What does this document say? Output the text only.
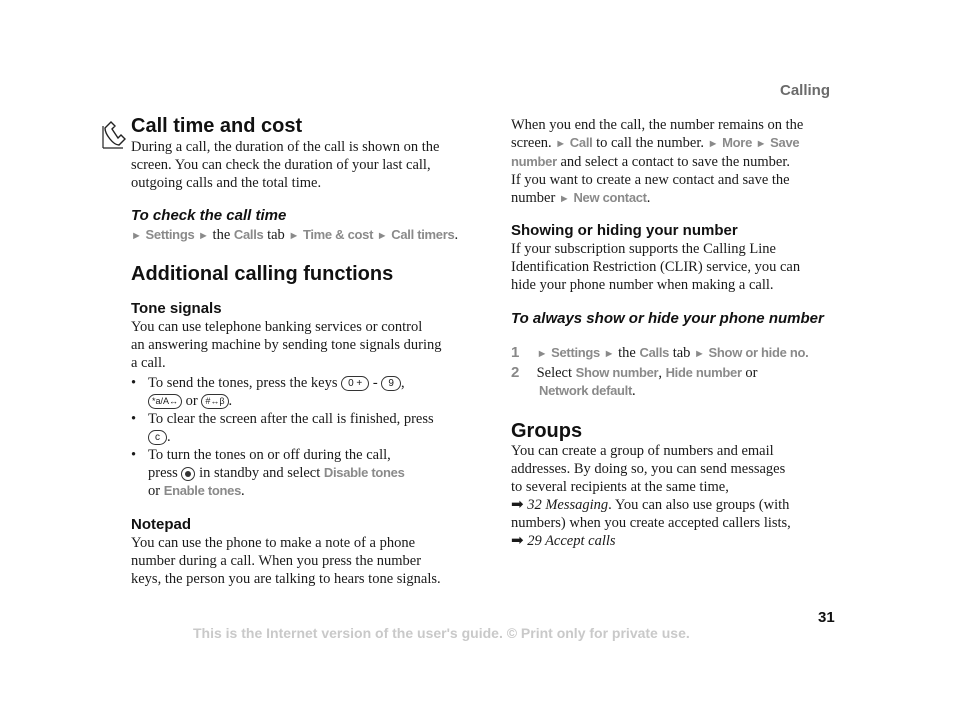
Calling
Call time and cost
During a call, the duration of the call is shown on the
screen. You can check the duration of your last call,
outgoing calls and the total time.
To check the call time
► Settings ► the Calls tab ► Time & cost ► Call timers.
Additional calling functions
Tone signals
You can use telephone banking services or control
an answering machine by sending tone signals during
a call.
• To send the tones, press the keys 0 + - 9 ,
*a/A↔ or #↔β .
• To clear the screen after the call is finished, press
c .
• To turn the tones on or off during the call,
press in standby and select Disable tones
or Enable tones.
Notepad
You can use the phone to make a note of a phone
number during a call. When you press the number
keys, the person you are talking to hears tone signals.
When you end the call, the number remains on the
screen. ► Call to call the number. ► More ► Save
number and select a contact to save the number.
If you want to create a new contact and save the
number ► New contact.
Showing or hiding your number
If your subscription supports the Calling Line
Identification Restriction (CLIR) service, you can
hide your phone number when making a call.
To always show or hide your phone number
1 ► Settings ► the Calls tab ► Show or hide no.
2 Select Show number, Hide number or
Network default.
Groups
You can create a group of numbers and email
addresses. By doing so, you can send messages
to several recipients at the same time,
➡ 32 Messaging. You can also use groups (with
numbers) when you create accepted callers lists,
➡ 29 Accept calls
31
This is the Internet version of the user's guide. © Print only for private use.
